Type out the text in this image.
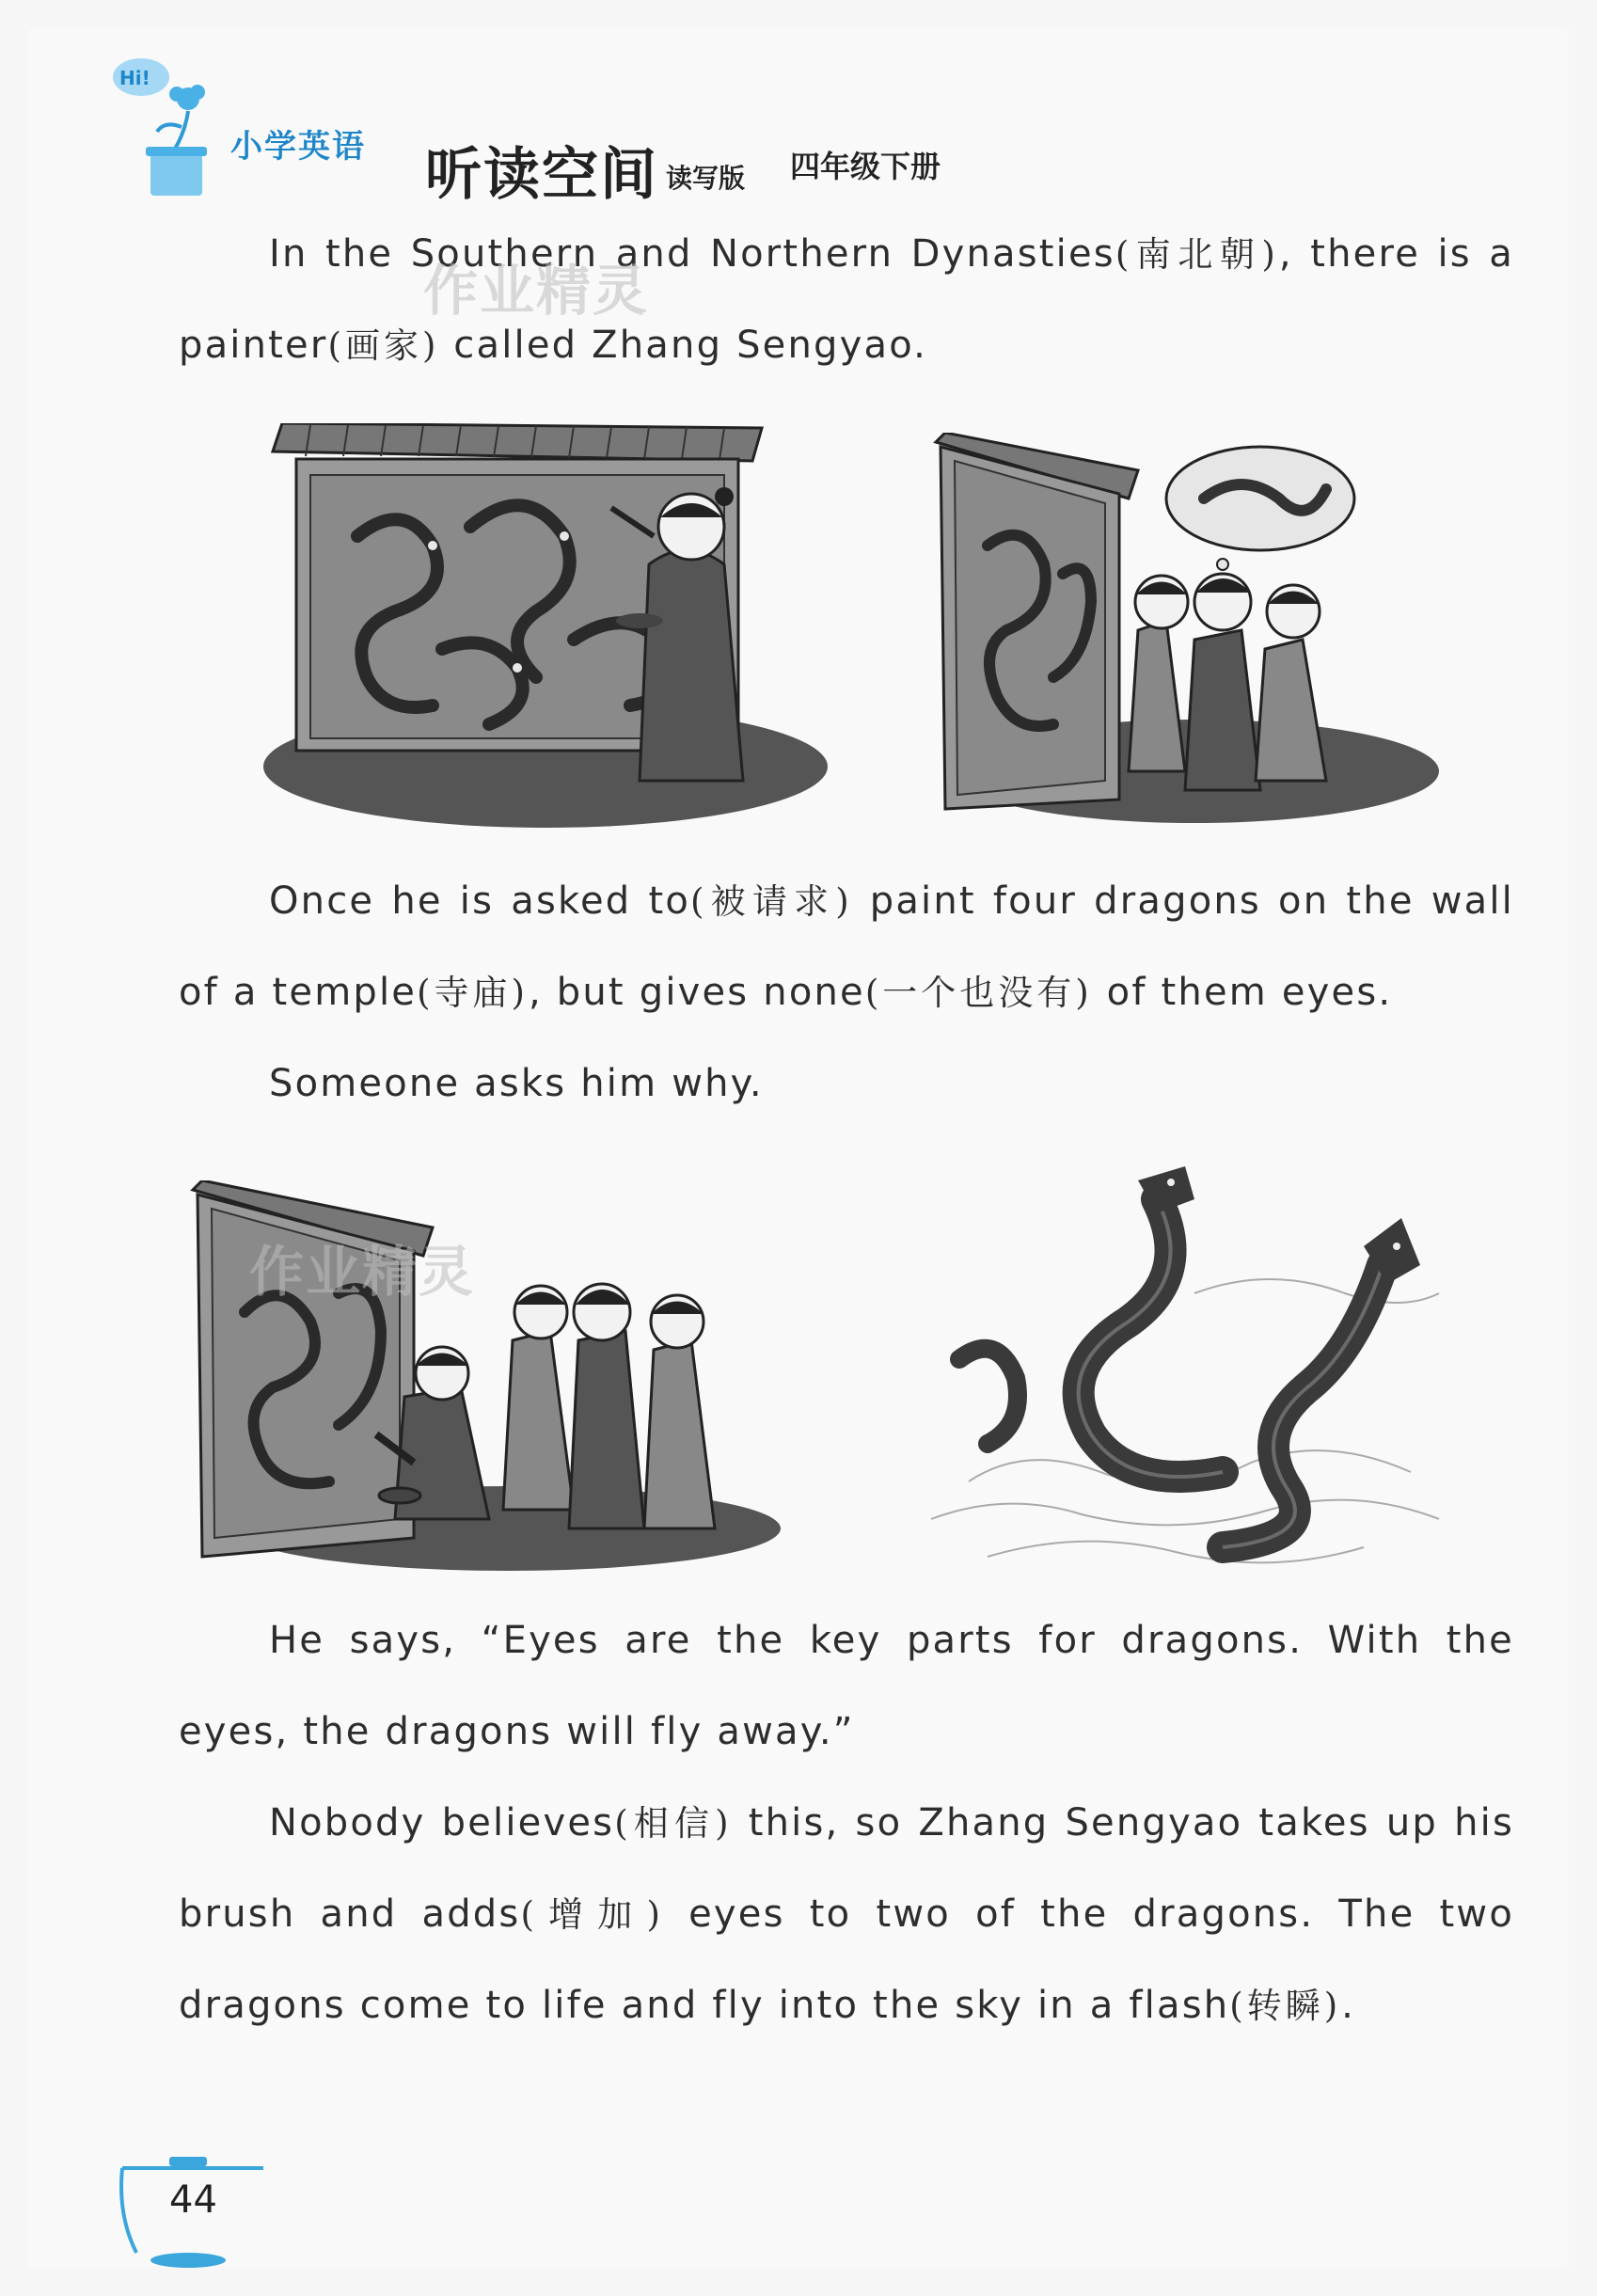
Hi!
小学英语 听读空间 读写版 四年级下册

In the Southern and Northern Dynasties(南北朝), there is a painter(画家) called Zhang Sengyao.

作业精灵

Once he is asked to(被请求) paint four dragons on the wall of a temple(寺庙), but gives none(一个也没有) of them eyes.

Someone asks him why.

作业精灵

He says, “Eyes are the key parts for dragons. With the eyes, the dragons will fly away.”

Nobody believes(相信) this, so Zhang Sengyao takes up his brush and adds(增加) eyes to two of the dragons. The two dragons come to life and fly into the sky in a flash(转瞬).

44
